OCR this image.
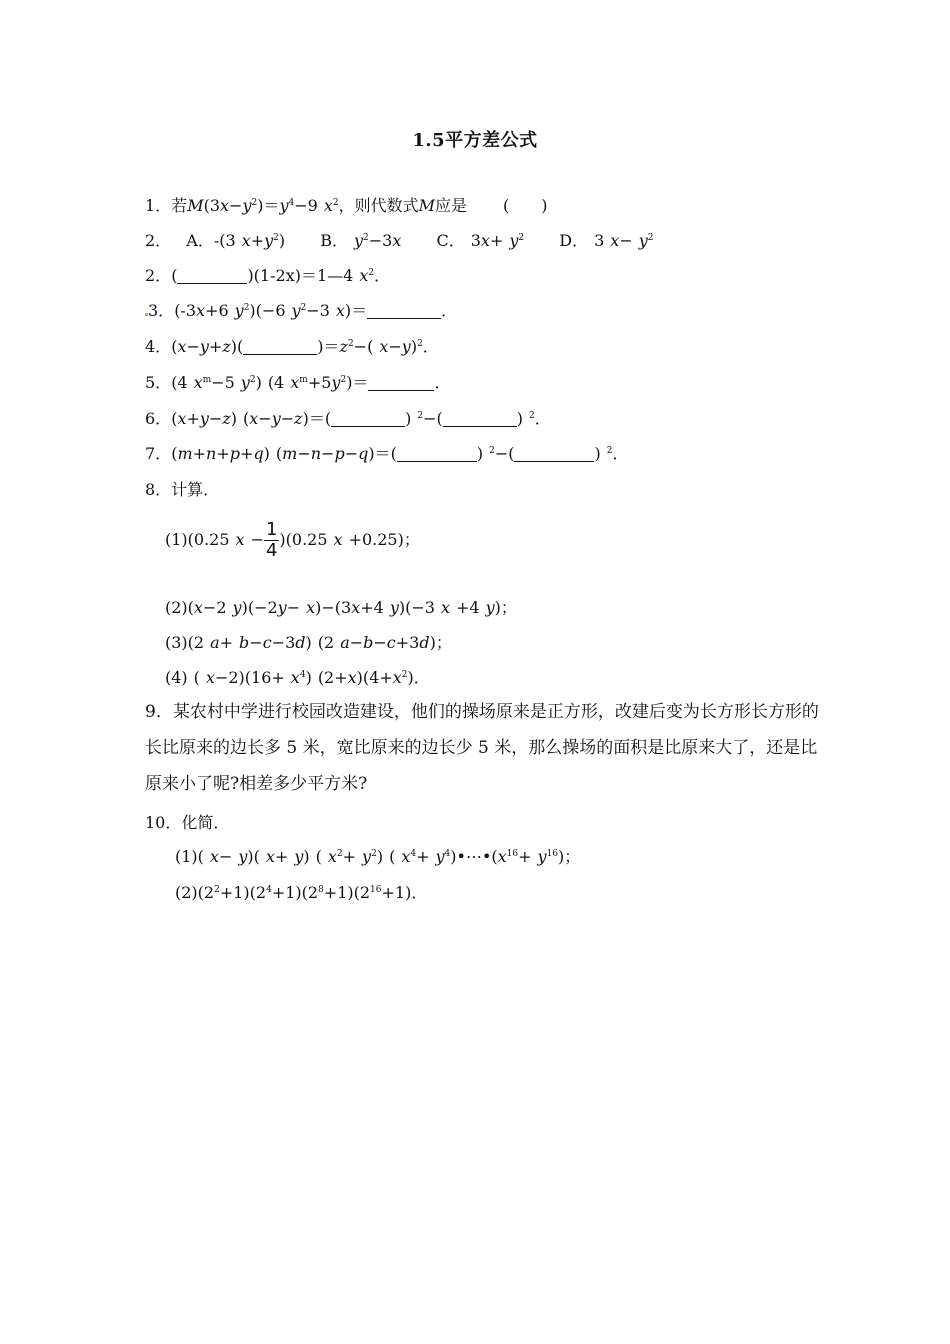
1.5平方差公式
1．若$M(3x-y^2)=y^4-9$ $x^2$，则代数式M应是 (　　)
2． A．-(3 $x+y^2$) B． $y^2-3x$ C． $3x+ y^2$ D． 3 $x- y^2$
2．(	)(1-2x)＝1—4 $x^2$．
3．(-3x+6 $y^2)(-6$ $y^2-3$ x)＝	．
4．(x−y+z)(	)$=z^2-$( x−y)$^2$．
5．(4 $x^m-5$ $y^2$) (4 $x^m+5y^2)=$	．
6．(x+y−z) (x−y−z)＝(	) $^2$−(	) $^2$．
7．(m+n+p+q) (m−n−p−q)＝(	) $^2$−(	) $^2$．
8．计算．
(1)(0.25 $x - \frac{1}{4} )(0.25$ x +0.25)；
(2)(x−2 y)(−2y− x)−(3x+4 y)(−3 x +4 y)；
(3)(2 a+ b−c−3d) (2 a−b−c+3d)；
(4) ( $x-2)(16+ x^4)$ $(2+x)(4+x^2)$．
9．某农村中学进行校园改造建设，他们的操场原来是正方形，改建后变为长方形长方形的长比原来的边长多 5 米，宽比原来的边长少 5 米，那么操场的面积是比原来大了，还是比原来小了呢?相差多少平方米?
10．化简．
(1)( x− y)( x+ y) ( $x^2+ y^2$) ( $x^4+$ $y^4)•\cdots•(x^{16}+ y^{16})$；
$(2)(2^2+1)(2^4+1)(2^8+1)(2^{16}+1)$．
